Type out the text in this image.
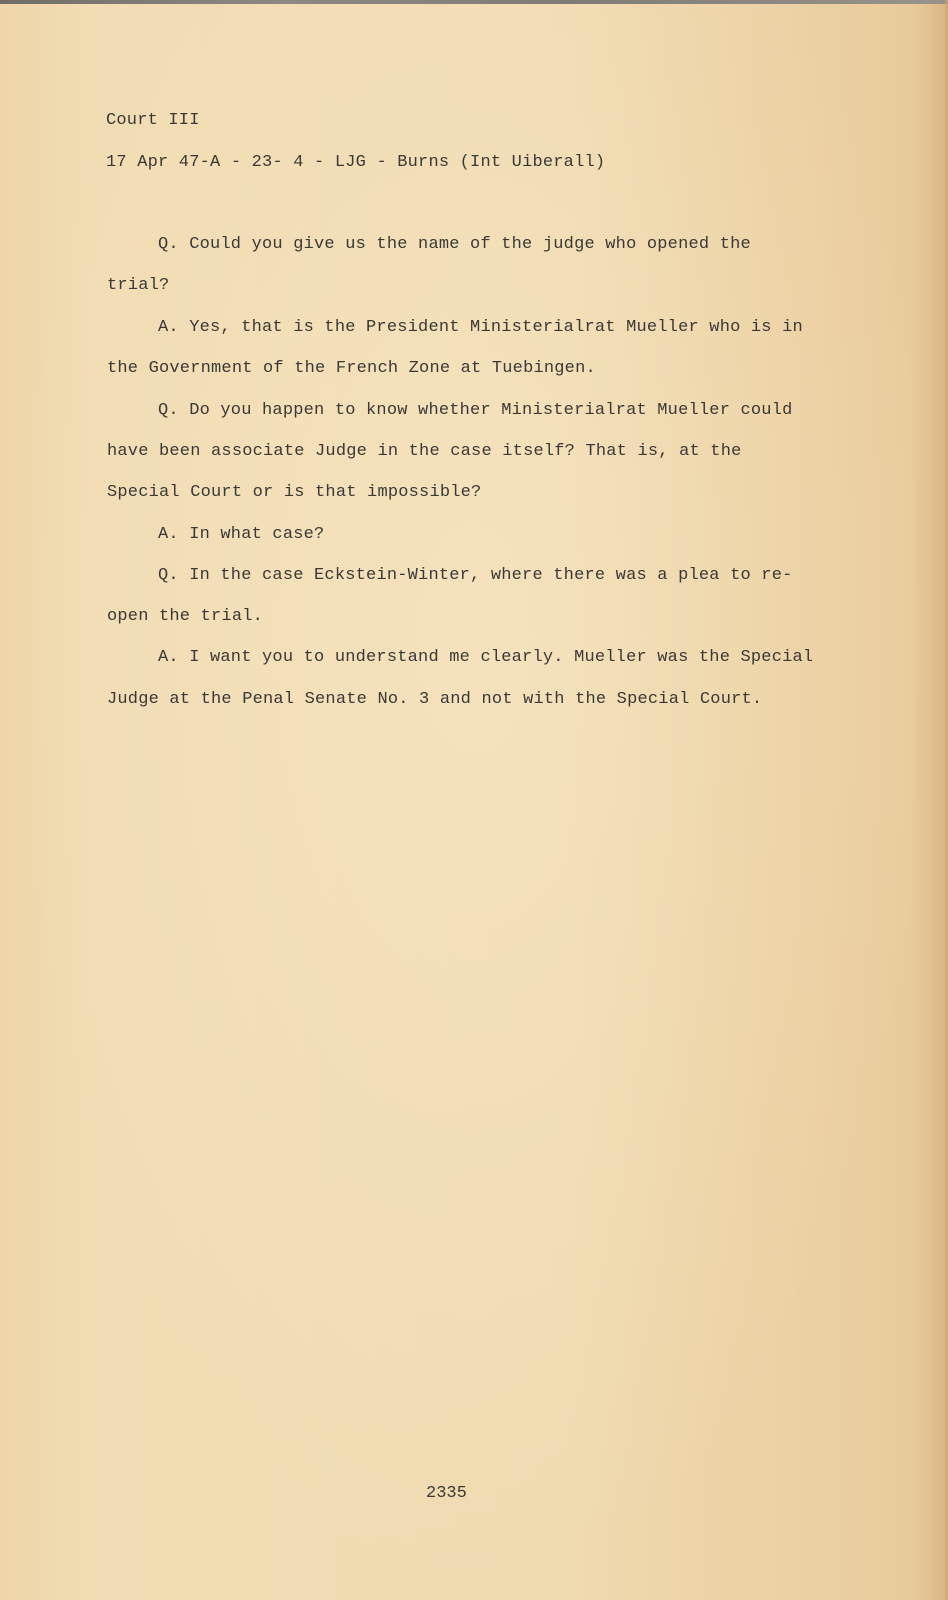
Court III
17 Apr 47-A - 23- 4 - LJG - Burns (Int Uiberall)
Q. Could you give us the name of the judge who opened the
trial?
A. Yes, that is the President Ministerialrat Mueller who is in
the Government of the French Zone at Tuebingen.
Q. Do you happen to know whether Ministerialrat Mueller could
have been associate Judge in the case itself? That is, at the
Special Court or is that impossible?
A. In what case?
Q. In the case Eckstein-Winter, where there was a plea to re-
open the trial.
A. I want you to understand me clearly. Mueller was the Special
Judge at the Penal Senate No. 3 and not with the Special Court.
2335
